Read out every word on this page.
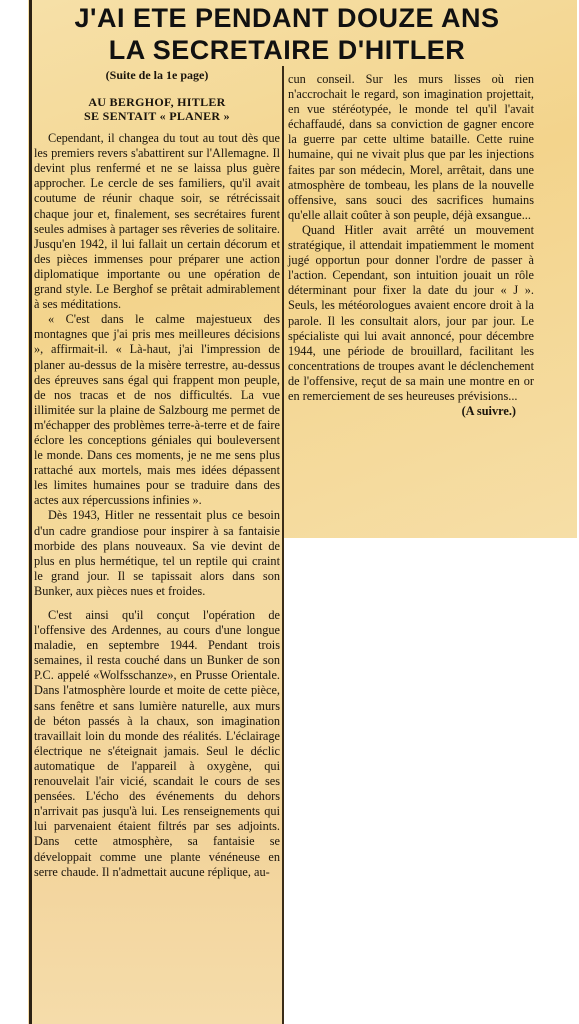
J'AI ETE PENDANT DOUZE ANS
LA SECRETAIRE D'HITLER
(Suite de la 1e page)
AU BERGHOF, HITLER
SE SENTAIT « PLANER »

Cependant, il changea du tout au tout dès que les premiers revers s'abattirent sur l'Allemagne. Il devint plus renfermé et ne se laissa plus guère approcher. Le cercle de ses familiers, qu'il avait coutume de réunir chaque soir, se rétrécissait chaque jour et, finalement, ses secrétaires furent seules admises à partager ses rêveries de solitaire. Jusqu'en 1942, il lui fallait un certain décorum et des pièces immenses pour préparer une action diplomatique importante ou une opération de grand style. Le Berghof se prêtait admirablement à ses méditations.

« C'est dans le calme majestueux des montagnes que j'ai pris mes meilleures décisions », affirmait-il. « Là-haut, j'ai l'impression de planer au-dessus de la misère terrestre, au-dessus des épreuves sans égal qui frappent mon peuple, de nos tracas et de nos difficultés. La vue illimitée sur la plaine de Salzbourg me permet de m'échapper des problèmes terre-à-terre et de faire éclore les conceptions géniales qui bouleversent le monde. Dans ces moments, je ne me sens plus rattaché aux mortels, mais mes idées dépassent les limites humaines pour se traduire dans des actes aux répercussions infinies ».

Dès 1943, Hitler ne ressentait plus ce besoin d'un cadre grandiose pour inspirer à sa fantaisie morbide des plans nouveaux. Sa vie devint de plus en plus hermétique, tel un reptile qui craint le grand jour. Il se tapissait alors dans son Bunker, aux pièces nues et froides.

C'est ainsi qu'il conçut l'opération de l'offensive des Ardennes, au cours d'une longue maladie, en septembre 1944. Pendant trois semaines, il resta couché dans un Bunker de son P.C. appelé «Wolfsschanze», en Prusse Orientale. Dans l'atmosphère lourde et moite de cette pièce, sans fenêtre et sans lumière naturelle, aux murs de béton passés à la chaux, son imagination travaillait loin du monde des réalités. L'éclairage électrique ne s'éteignait jamais. Seul le déclic automatique de l'appareil à oxygène, qui renouvelait l'air vicié, scandait le cours de ses pensées. L'écho des événements du dehors n'arrivait pas jusqu'à lui. Les renseignements qui lui parvenaient étaient filtrés par ses adjoints. Dans cette atmosphère, sa fantaisie se développait comme une plante vénéneuse en serre chaude. Il n'admettait aucune réplique, au-

cun conseil. Sur les murs lisses où rien n'accrochait le regard, son imagination projettait, en vue stéréotypée, le monde tel qu'il l'avait échaffaudé, dans sa conviction de gagner encore la guerre par cette ultime bataille. Cette ruine humaine, qui ne vivait plus que par les injections faites par son médecin, Morel, arrêtait, dans une atmosphère de tombeau, les plans de la nouvelle offensive, sans souci des sacrifices humains qu'elle allait coûter à son peuple, déjà exsangue...

Quand Hitler avait arrêté un mouvement stratégique, il attendait impatiemment le moment jugé opportun pour donner l'ordre de passer à l'action. Cependant, son intuition jouait un rôle déterminant pour fixer la date du jour « J ». Seuls, les météorologues avaient encore droit à la parole. Il les consultait alors, jour par jour. Le spécialiste qui lui avait annoncé, pour décembre 1944, une période de brouillard, facilitant les concentrations de troupes avant le déclenchement de l'offensive, reçut de sa main une montre en or en remerciement de ses heureuses prévisions...

(A suivre.)
